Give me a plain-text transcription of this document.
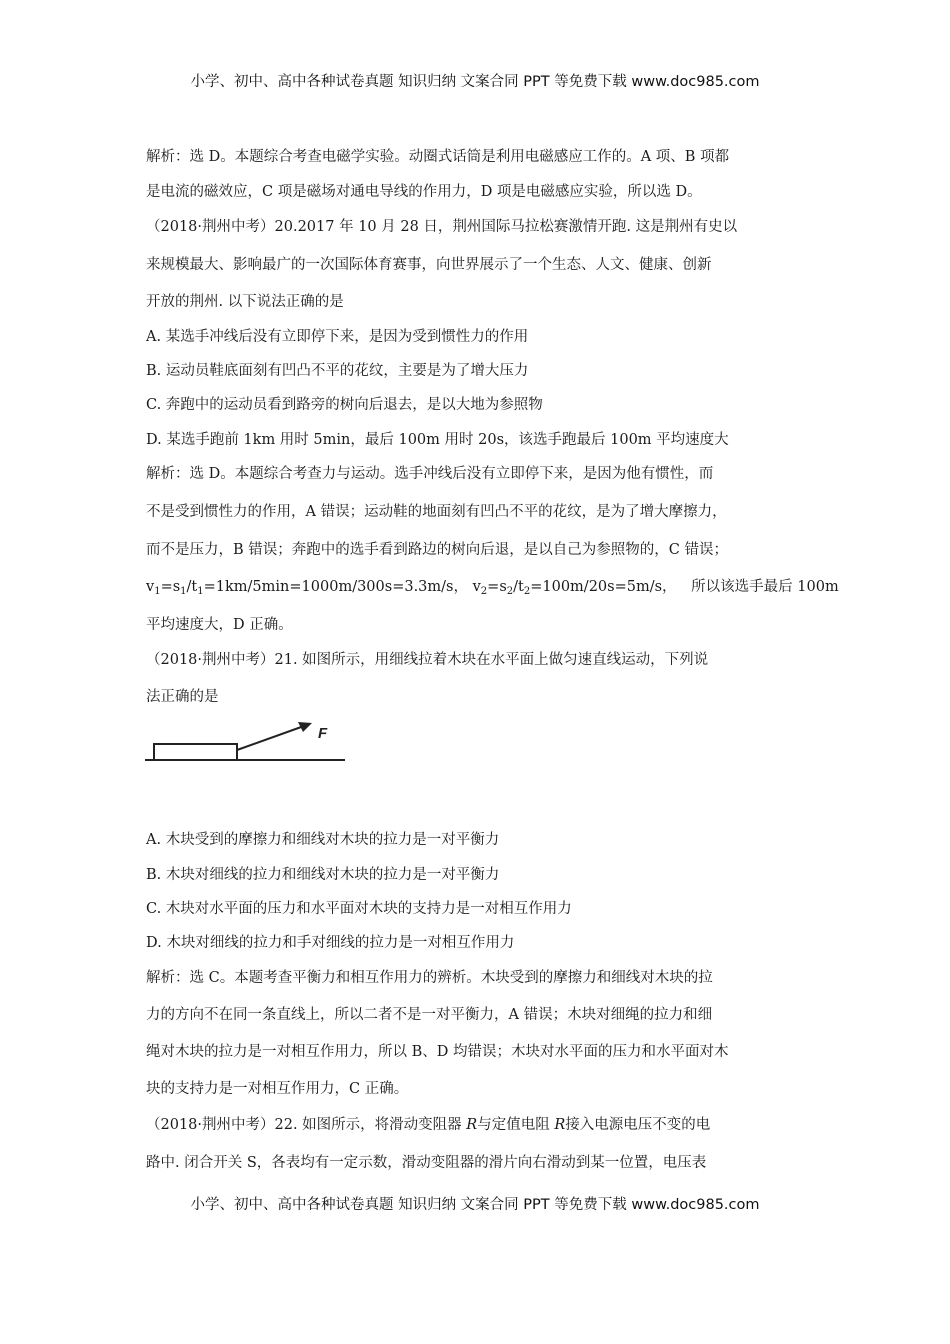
小学、初中、高中各种试卷真题 知识归纳 文案合同 PPT 等免费下载 www.doc985.com
解析：选 D。本题综合考查电磁学实验。动圈式话筒是利用电磁感应工作的。A 项、B 项都
是电流的磁效应，C 项是磁场对通电导线的作用力，D 项是电磁感应实验，所以选 D。
（2018·荆州中考）20.2017 年 10 月 28 日，荆州国际马拉松赛激情开跑. 这是荆州有史以
来规模最大、影响最广的一次国际体育赛事，向世界展示了一个生态、人文、健康、创新
开放的荆州. 以下说法正确的是
A. 某选手冲线后没有立即停下来，是因为受到惯性力的作用
B. 运动员鞋底面刻有凹凸不平的花纹，主要是为了增大压力
C. 奔跑中的运动员看到路旁的树向后退去，是以大地为参照物
D. 某选手跑前 1km 用时 5min，最后 100m 用时 20s，该选手跑最后 100m 平均速度大
解析：选 D。本题综合考查力与运动。选手冲线后没有立即停下来，是因为他有惯性，而
不是受到惯性力的作用，A 错误；运动鞋的地面刻有凹凸不平的花纹，是为了增大摩擦力，
而不是压力，B 错误；奔跑中的选手看到路边的树向后退，是以自己为参照物的，C 错误；
$v_1=s_1/t_1=1km/5\min=1000m/300s=3.3m/s$， $v_2=s_2/t_2=100m/20s=5m/s$， 所以该选手最后 100m
平均速度大，D 正确。
（2018·荆州中考）21. 如图所示，用细线拉着木块在水平面上做匀速直线运动，下列说
法正确的是
F
A. 木块受到的摩擦力和细线对木块的拉力是一对平衡力
B. 木块对细线的拉力和细线对木块的拉力是一对平衡力
C. 木块对水平面的压力和水平面对木块的支持力是一对相互作用力
D. 木块对细线的拉力和手对细线的拉力是一对相互作用力
解析：选 C。本题考查平衡力和相互作用力的辨析。木块受到的摩擦力和细线对木块的拉
力的方向不在同一条直线上，所以二者不是一对平衡力，A 错误；木块对细绳的拉力和细
绳对木块的拉力是一对相互作用力，所以 B、D 均错误；木块对水平面的压力和水平面对木
块的支持力是一对相互作用力，C 正确。
（2018·荆州中考）22. 如图所示，将滑动变阻器 R与定值电阻 R接入电源电压不变的电
路中. 闭合开关 S，各表均有一定示数，滑动变阻器的滑片向右滑动到某一位置，电压表
小学、初中、高中各种试卷真题 知识归纳 文案合同 PPT 等免费下载 www.doc985.com
